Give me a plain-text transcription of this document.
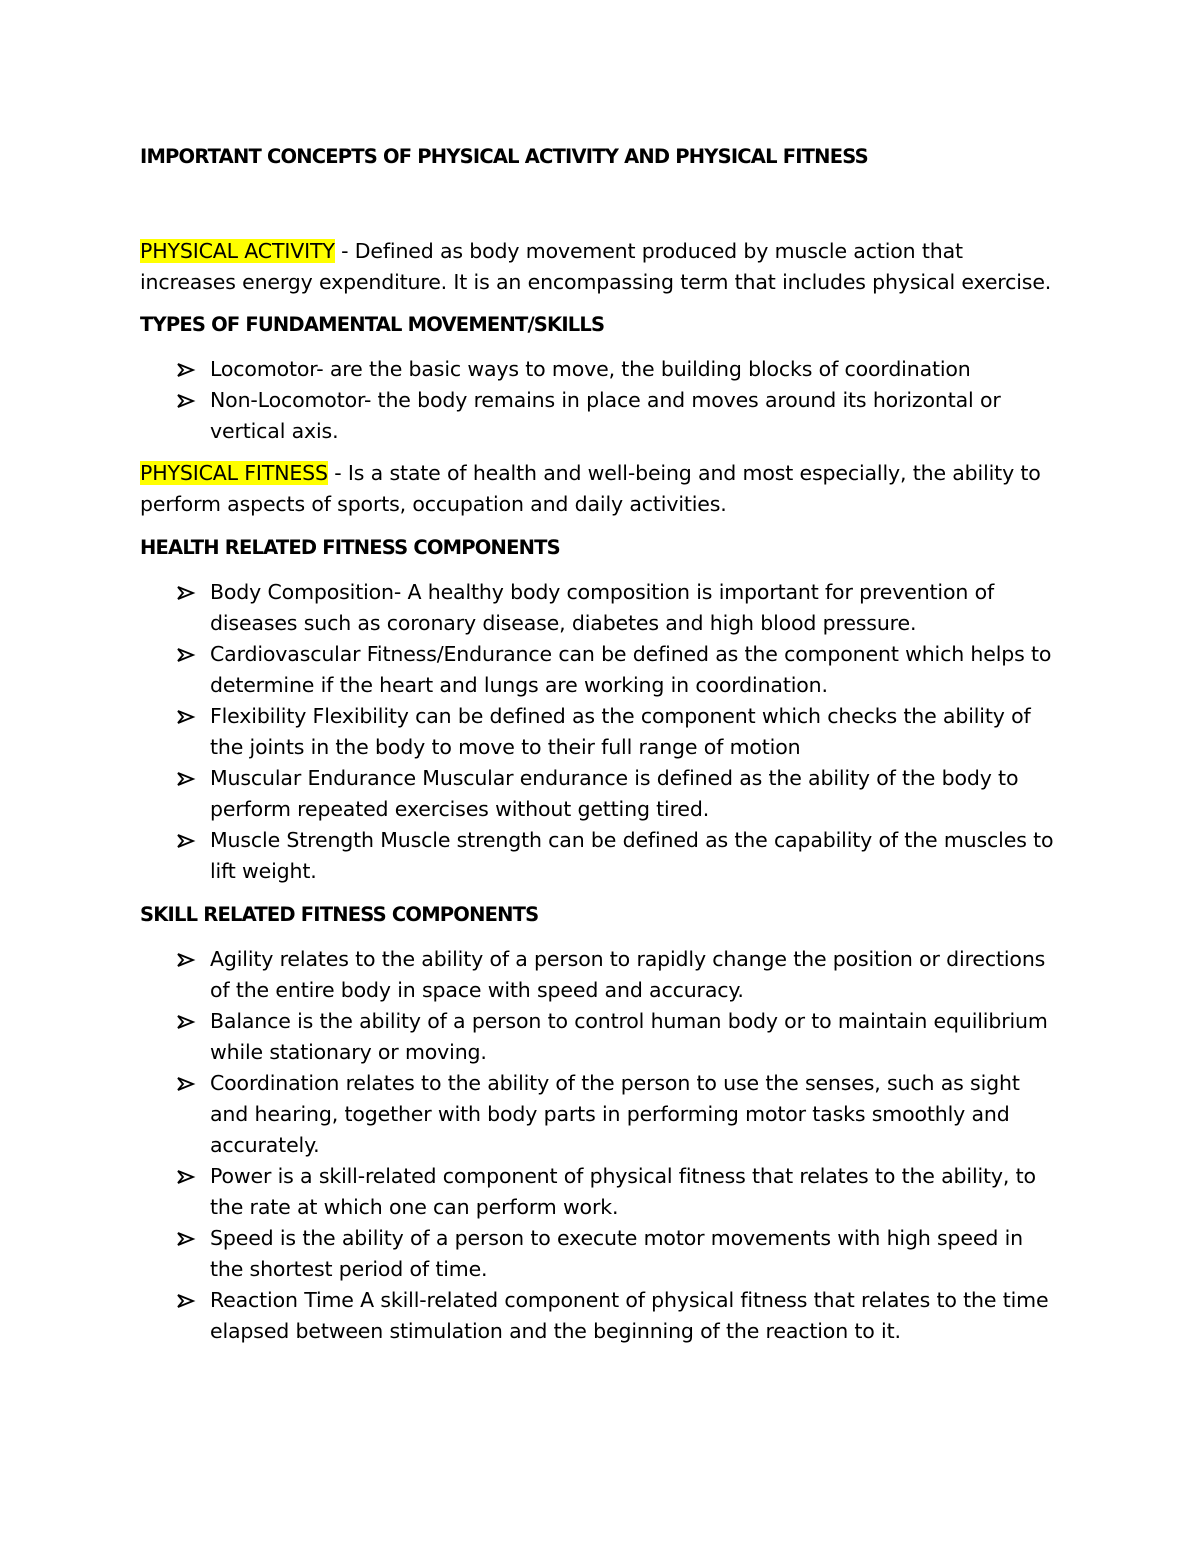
IMPORTANT CONCEPTS OF PHYSICAL ACTIVITY AND PHYSICAL FITNESS

PHYSICAL ACTIVITY - Defined as body movement produced by muscle action that increases energy expenditure. It is an encompassing term that includes physical exercise.

TYPES OF FUNDAMENTAL MOVEMENT/SKILLS
Locomotor- are the basic ways to move, the building blocks of coordination
Non-Locomotor- the body remains in place and moves around its horizontal or vertical axis.

PHYSICAL FITNESS - Is a state of health and well-being and most especially, the ability to perform aspects of sports, occupation and daily activities.

HEALTH RELATED FITNESS COMPONENTS
Body Composition- A healthy body composition is important for prevention of diseases such as coronary disease, diabetes and high blood pressure.
Cardiovascular Fitness/Endurance can be defined as the component which helps to determine if the heart and lungs are working in coordination.
Flexibility Flexibility can be defined as the component which checks the ability of the joints in the body to move to their full range of motion
Muscular Endurance Muscular endurance is defined as the ability of the body to perform repeated exercises without getting tired.
Muscle Strength Muscle strength can be defined as the capability of the muscles to lift weight.
SKILL RELATED FITNESS COMPONENTS
Agility relates to the ability of a person to rapidly change the position or directions of the entire body in space with speed and accuracy.
Balance is the ability of a person to control human body or to maintain equilibrium while stationary or moving.
Coordination relates to the ability of the person to use the senses, such as sight and hearing, together with body parts in performing motor tasks smoothly and accurately.
Power is a skill-related component of physical fitness that relates to the ability, to the rate at which one can perform work.
Speed is the ability of a person to execute motor movements with high speed in the shortest period of time.
Reaction Time A skill-related component of physical fitness that relates to the time elapsed between stimulation and the beginning of the reaction to it.
